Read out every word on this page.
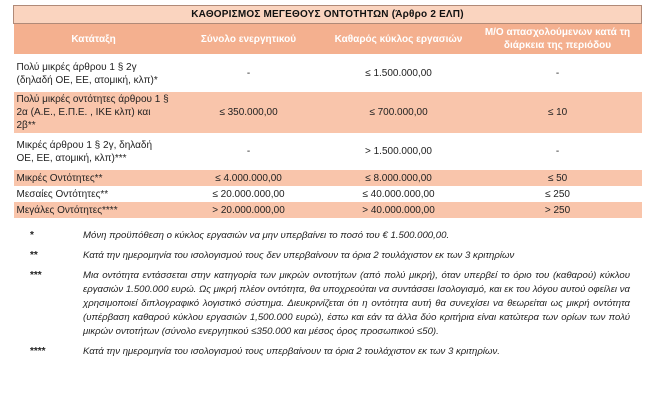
ΚΑΘΟΡΙΣΜΟΣ ΜΕΓΕΘΟΥΣ ΟΝΤΟΤΗΤΩΝ (Άρθρο 2 ΕΛΠ)			
Κατάταξη	Σύνολο ενεργητικού	Καθαρός κύκλος εργασιών	Μ/Ο απασχολούμενων κατά τη διάρκεια της περιόδου
Πολύ μικρές άρθρου 1 § 2γ (δηλαδή ΟΕ, ΕΕ, ατομική, κλπ)*	-	≤ 1.500.000,00	-
Πολύ μικρές οντότητες άρθρου 1 § 2α (Α.Ε., Ε.Π.Ε. , ΙΚΕ κλπ) και 2β**	≤ 350.000,00	≤ 700.000,00	≤ 10
Μικρές άρθρου 1 § 2γ, δηλαδή ΟΕ, ΕΕ, ατομική, κλπ)***	-	> 1.500.000,00	-
Μικρές Οντότητες**	≤ 4.000.000,00	≤ 8.000.000,00	≤ 50
Μεσαίες Οντότητες**	≤ 20.000.000,00	≤ 40.000.000,00	≤ 250
Μεγάλες Οντότητες****	> 20.000.000,00	> 40.000.000,00	> 250
*	Μόνη προϋπόθεση ο κύκλος εργασιών να μην υπερβαίνει το ποσό του € 1.500.000,00.
**	Κατά την ημερομηνία του ισολογισμού τους δεν υπερβαίνουν τα όρια 2 τουλάχιστον εκ των 3 κριτηρίων
***	Μια οντότητα εντάσσεται στην κατηγορία των μικρών οντοτήτων (από πολύ μικρή), όταν υπερβεί το όριο του (καθαρού) κύκλου εργασιών 1.500.000 ευρώ. Ως μικρή πλέον οντότητα, θα υποχρεούται να συντάσσει Ισολογισμό, και εκ του λόγου αυτού οφείλει να χρησιμοποιεί διπλογραφικό λογιστικό σύστημα. Διευκρινίζεται ότι η οντότητα αυτή θα συνεχίσει να θεωρείται ως μικρή οντότητα (υπέρβαση καθαρού κύκλου εργασιών 1,500.000 ευρώ), έστω και εάν τα άλλα δύο κριτήρια είναι κατώτερα των ορίων των πολύ μικρών οντοτήτων (σύνολο ενεργητικού ≤350.000 και μέσος όρος προσωπικού ≤50).
****	Κατά την ημερομηνία του ισολογισμού τους υπερβαίνουν τα όρια 2 τουλάχιστον εκ των 3 κριτηρίων.
